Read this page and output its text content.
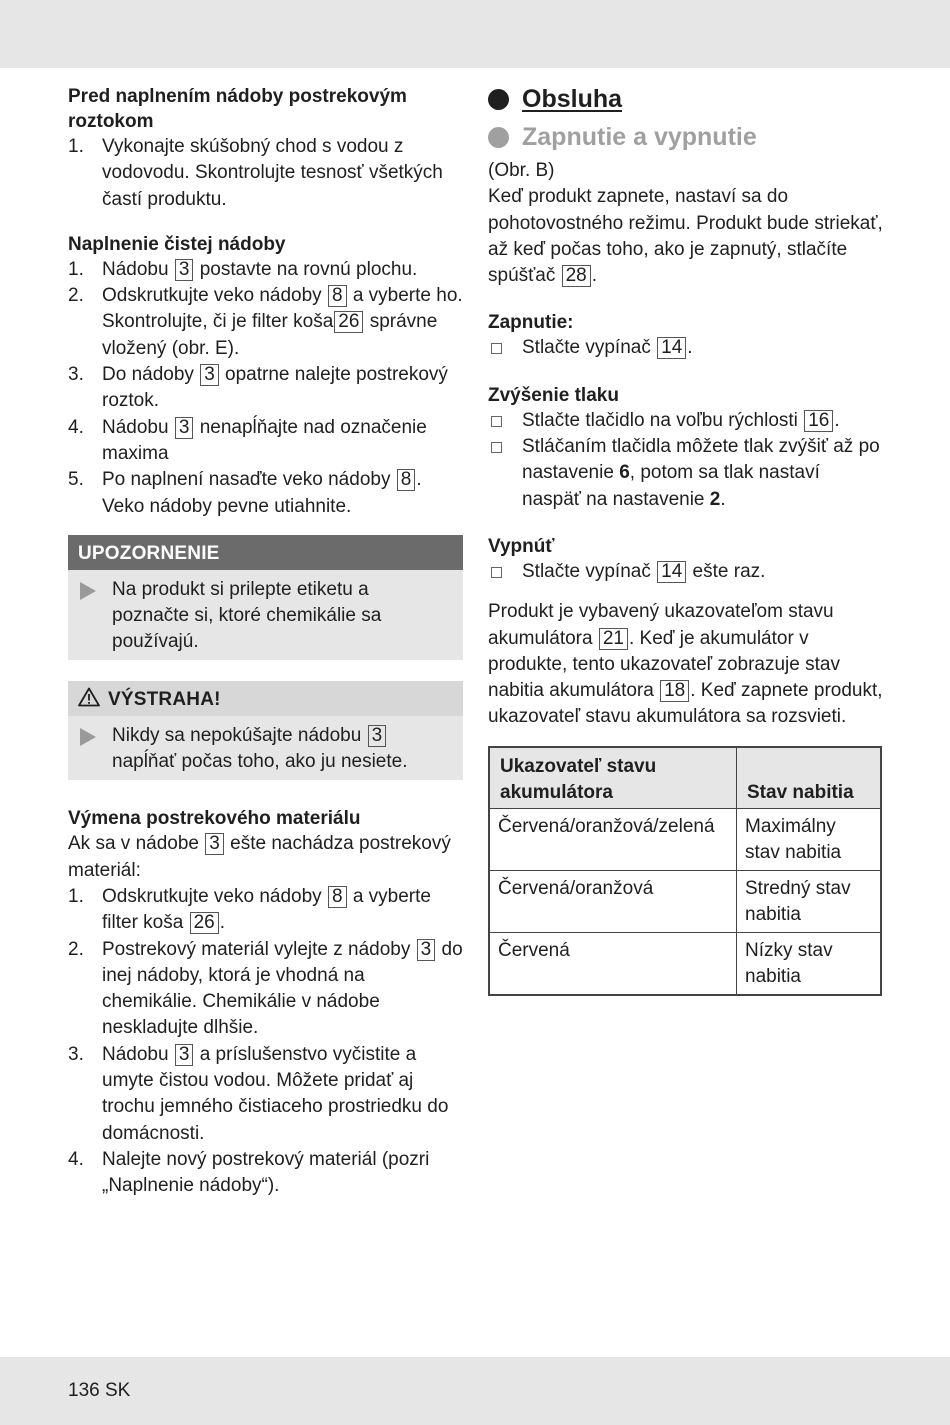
Pred naplnením nádoby postrekovým roztokom
1. Vykonajte skúšobný chod s vodou z vodovodu. Skontrolujte tesnosť všetkých častí produktu.
Naplnenie čistej nádoby
1. Nádobu 3 postavte na rovnú plochu.
2. Odskrutkujte veko nádoby 8 a vyberte ho. Skontrolujte, či je filter koša 26 správne vložený (obr. E).
3. Do nádoby 3 opatrne nalejte postrekový roztok.
4. Nádobu 3 nenapĺňajte nad označenie maxima
5. Po naplnení nasaďte veko nádoby 8 . Veko nádoby pevne utiahnite.
UPOZORNENIE
Na produkt si prilepte etiketu a poznačte si, ktoré chemikálie sa používajú.
VÝSTRAHA!
Nikdy sa nepokúšajte nádobu 3 napĺňať počas toho, ako ju nesiete.
Výmena postrekového materiálu

Ak sa v nádobe 3 ešte nachádza postrekový materiál:

1. Odskrutkujte veko nádoby 8 a vyberte filter koša 26 .
2. Postrekový materiál vylejte z nádoby 3 do inej nádoby, ktorá je vhodná na chemikálie. Chemikálie v nádobe neskladujte dlhšie.
3. Nádobu 3 a príslušenstvo vyčistite a umyte čistou vodou. Môžete pridať aj trochu jemného čistiaceho prostriedku do domácnosti.
4. Nalejte nový postrekový materiál (pozri „Naplnenie nádoby“).
Obsluha
Zapnutie a vypnutie

(Obr. B)

Keď produkt zapnete, nastaví sa do pohotovostného režimu. Produkt bude striekať, až keď počas toho, ako je zapnutý, stlačíte spúšťač 28 .

Zapnutie:
Stlačte vypínač 14 .
Zvýšenie tlaku
Stlačte tlačidlo na voľbu rýchlosti 16 .
Stláčaním tlačidla môžete tlak zvýšiť až po nastavenie 6, potom sa tlak nastaví naspäť na nastavenie 2.
Vypnúť
Stlačte vypínač 14 ešte raz.

Produkt je vybavený ukazovateľom stavu akumulátora 21 . Keď je akumulátor v produkte, tento ukazovateľ zobrazuje stav nabitia akumulátora 18 . Keď zapnete produkt, ukazovateľ stavu akumulátora sa rozsvieti.

Ukazovateľ stavu akumulátora	Stav nabitia
Červená/oranžová/zelená	Maximálny stav nabitia
Červená/oranžová	Stredný stav nabitia
Červená	Nízky stav nabitia
136 SK
